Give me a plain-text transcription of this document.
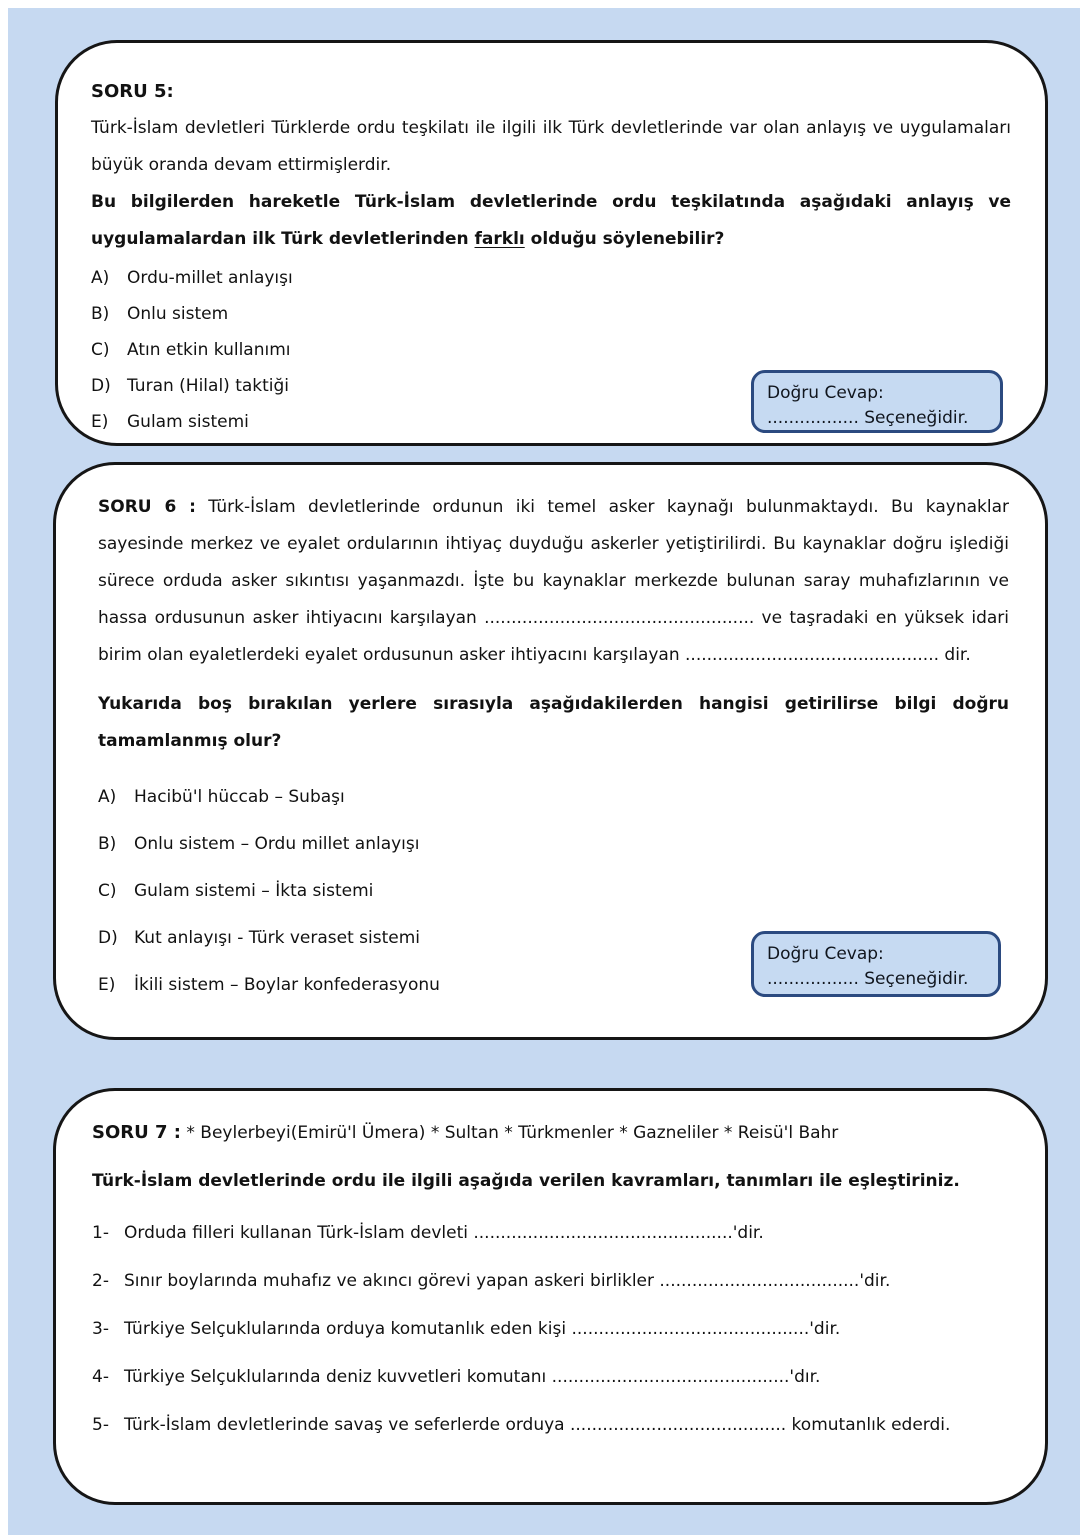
SORU 5:

Türk-İslam devletleri Türklerde ordu teşkilatı ile ilgili ilk Türk devletlerinde var olan anlayış ve uygulamaları büyük oranda devam ettirmişlerdir.

Bu bilgilerden hareketle Türk-İslam devletlerinde ordu teşkilatında aşağıdaki anlayış ve uygulamalardan ilk Türk devletlerinden farklı olduğu söylenebilir?

A)	Ordu-millet anlayışı
B)	Onlu sistem
C)	Atın etkin kullanımı
D) Turan (Hilal) taktiği
E)	Gulam sistemi
Doğru Cevap:
................. Seçeneğidir.

SORU 6 : Türk-İslam devletlerinde ordunun iki temel asker kaynağı bulunmaktaydı. Bu kaynaklar sayesinde merkez ve eyalet ordularının ihtiyaç duyduğu askerler yetiştirilirdi. Bu kaynaklar doğru işlediği sürece orduda asker sıkıntısı yaşanmazdı. İşte bu kaynaklar merkezde bulunan saray muhafızlarının ve hassa ordusunun asker ihtiyacını karşılayan .................................................. ve taşradaki en yüksek idari birim olan eyaletlerdeki eyalet ordusunun asker ihtiyacını karşılayan ............................................... dir.

Yukarıda boş bırakılan yerlere sırasıyla aşağıdakilerden hangisi getirilirse bilgi doğru tamamlanmış olur?

A)	Hacibü'l hüccab – Subaşı
B)	Onlu sistem – Ordu millet anlayışı
C)	Gulam sistemi – İkta sistemi
D) Kut anlayışı - Türk veraset sistemi
E)	İkili sistem – Boylar konfederasyonu
Doğru Cevap:
................. Seçeneğidir.

SORU 7 : * Beylerbeyi(Emirü'l Ümera) * Sultan * Türkmenler * Gazneliler * Reisü'l Bahr

Türk-İslam devletlerinde ordu ile ilgili aşağıda verilen kavramları, tanımları ile eşleştiriniz.

1- Orduda filleri kullanan Türk-İslam devleti ................................................'dir.
2- Sınır boylarında muhafız ve akıncı görevi yapan askeri birlikler .....................................'dir.
3- Türkiye Selçuklularında orduya komutanlık eden kişi ............................................'dir.
4- Türkiye Selçuklularında deniz kuvvetleri komutanı ............................................'dır.
5- Türk-İslam devletlerinde savaş ve seferlerde orduya ........................................ komutanlık ederdi.
